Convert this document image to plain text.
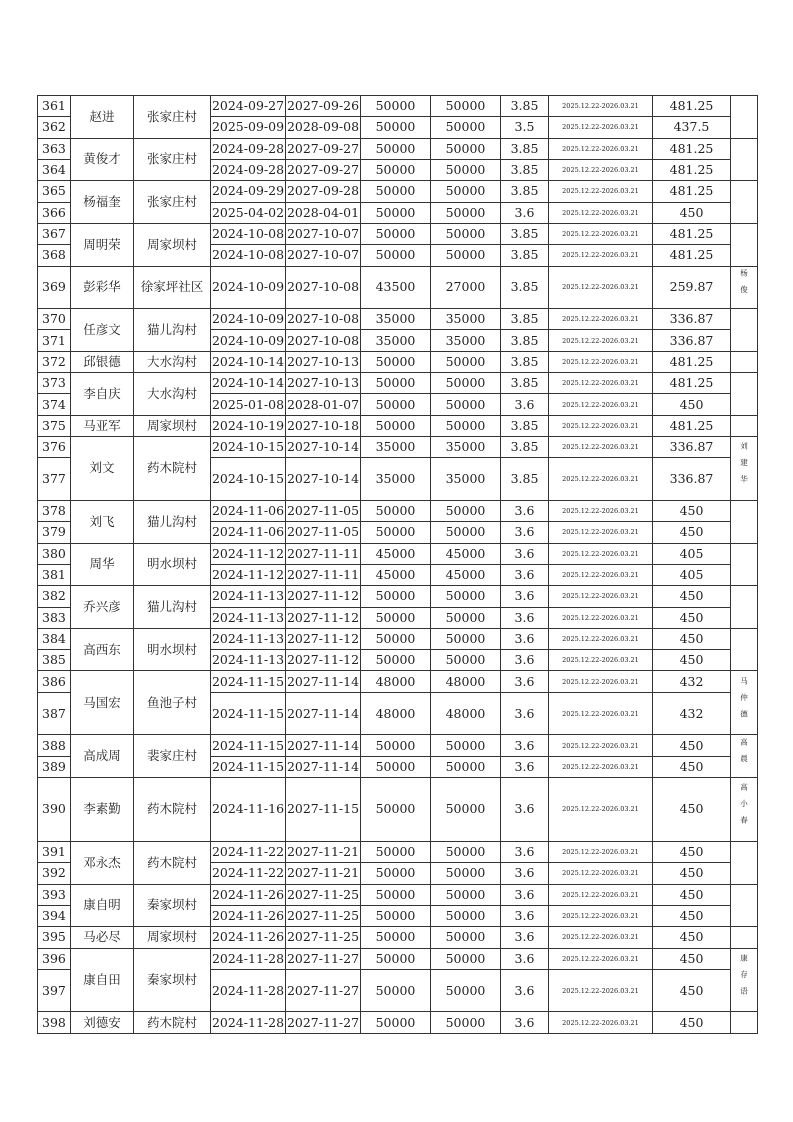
361	赵进	张家庄村	2024-09-27	2027-09-26	50000	50000	3.85	2025.12.22-2026.03.21	481.25	
362			2025-09-09	2028-09-08	50000	50000	3.5	2025.12.22-2026.03.21	437.5	
363	黄俊才	张家庄村	2024-09-28	2027-09-27	50000	50000	3.85	2025.12.22-2026.03.21	481.25	
364			2024-09-28	2027-09-27	50000	50000	3.85	2025.12.22-2026.03.21	481.25	
365	杨福奎	张家庄村	2024-09-29	2027-09-28	50000	50000	3.85	2025.12.22-2026.03.21	481.25	
366			2025-04-02	2028-04-01	50000	50000	3.6	2025.12.22-2026.03.21	450	
367	周明荣	周家坝村	2024-10-08	2027-10-07	50000	50000	3.85	2025.12.22-2026.03.21	481.25	
368			2024-10-08	2027-10-07	50000	50000	3.85	2025.12.22-2026.03.21	481.25	
369	彭彩华	徐家坪社区	2024-10-09	2027-10-08	43500	27000	3.85	2025.12.22-2026.03.21	259.87	杨俊
370	任彦文	猫儿沟村	2024-10-09	2027-10-08	35000	35000	3.85	2025.12.22-2026.03.21	336.87	
371			2024-10-09	2027-10-08	35000	35000	3.85	2025.12.22-2026.03.21	336.87	
372	邱银德	大水沟村	2024-10-14	2027-10-13	50000	50000	3.85	2025.12.22-2026.03.21	481.25	
373	李自庆	大水沟村	2024-10-14	2027-10-13	50000	50000	3.85	2025.12.22-2026.03.21	481.25	
374			2025-01-08	2028-01-07	50000	50000	3.6	2025.12.22-2026.03.21	450	
375	马亚军	周家坝村	2024-10-19	2027-10-18	50000	50000	3.85	2025.12.22-2026.03.21	481.25	
376	刘文	药木院村	2024-10-15	2027-10-14	35000	35000	3.85	2025.12.22-2026.03.21	336.87	刘建华
377			2024-10-15	2027-10-14	35000	35000	3.85	2025.12.22-2026.03.21	336.87	
378	刘飞	猫儿沟村	2024-11-06	2027-11-05	50000	50000	3.6	2025.12.22-2026.03.21	450	
379			2024-11-06	2027-11-05	50000	50000	3.6	2025.12.22-2026.03.21	450	
380	周华	明水坝村	2024-11-12	2027-11-11	45000	45000	3.6	2025.12.22-2026.03.21	405	
381			2024-11-12	2027-11-11	45000	45000	3.6	2025.12.22-2026.03.21	405	
382	乔兴彦	猫儿沟村	2024-11-13	2027-11-12	50000	50000	3.6	2025.12.22-2026.03.21	450	
383			2024-11-13	2027-11-12	50000	50000	3.6	2025.12.22-2026.03.21	450	
384	高西东	明水坝村	2024-11-13	2027-11-12	50000	50000	3.6	2025.12.22-2026.03.21	450	
385			2024-11-13	2027-11-12	50000	50000	3.6	2025.12.22-2026.03.21	450	
386	马国宏	鱼池子村	2024-11-15	2027-11-14	48000	48000	3.6	2025.12.22-2026.03.21	432	马仲德
387			2024-11-15	2027-11-14	48000	48000	3.6	2025.12.22-2026.03.21	432	
388	高成周	裴家庄村	2024-11-15	2027-11-14	50000	50000	3.6	2025.12.22-2026.03.21	450	高晨
389			2024-11-15	2027-11-14	50000	50000	3.6	2025.12.22-2026.03.21	450	
390	李素勤	药木院村	2024-11-16	2027-11-15	50000	50000	3.6	2025.12.22-2026.03.21	450	高小春
391	邓永杰	药木院村	2024-11-22	2027-11-21	50000	50000	3.6	2025.12.22-2026.03.21	450	
392			2024-11-22	2027-11-21	50000	50000	3.6	2025.12.22-2026.03.21	450	
393	康自明	秦家坝村	2024-11-26	2027-11-25	50000	50000	3.6	2025.12.22-2026.03.21	450	
394			2024-11-26	2027-11-25	50000	50000	3.6	2025.12.22-2026.03.21	450	
395	马必尽	周家坝村	2024-11-26	2027-11-25	50000	50000	3.6	2025.12.22-2026.03.21	450	
396	康自田	秦家坝村	2024-11-28	2027-11-27	50000	50000	3.6	2025.12.22-2026.03.21	450	康存语
397			2024-11-28	2027-11-27	50000	50000	3.6	2025.12.22-2026.03.21	450	
398	刘德安	药木院村	2024-11-28	2027-11-27	50000	50000	3.6	2025.12.22-2026.03.21	450	
